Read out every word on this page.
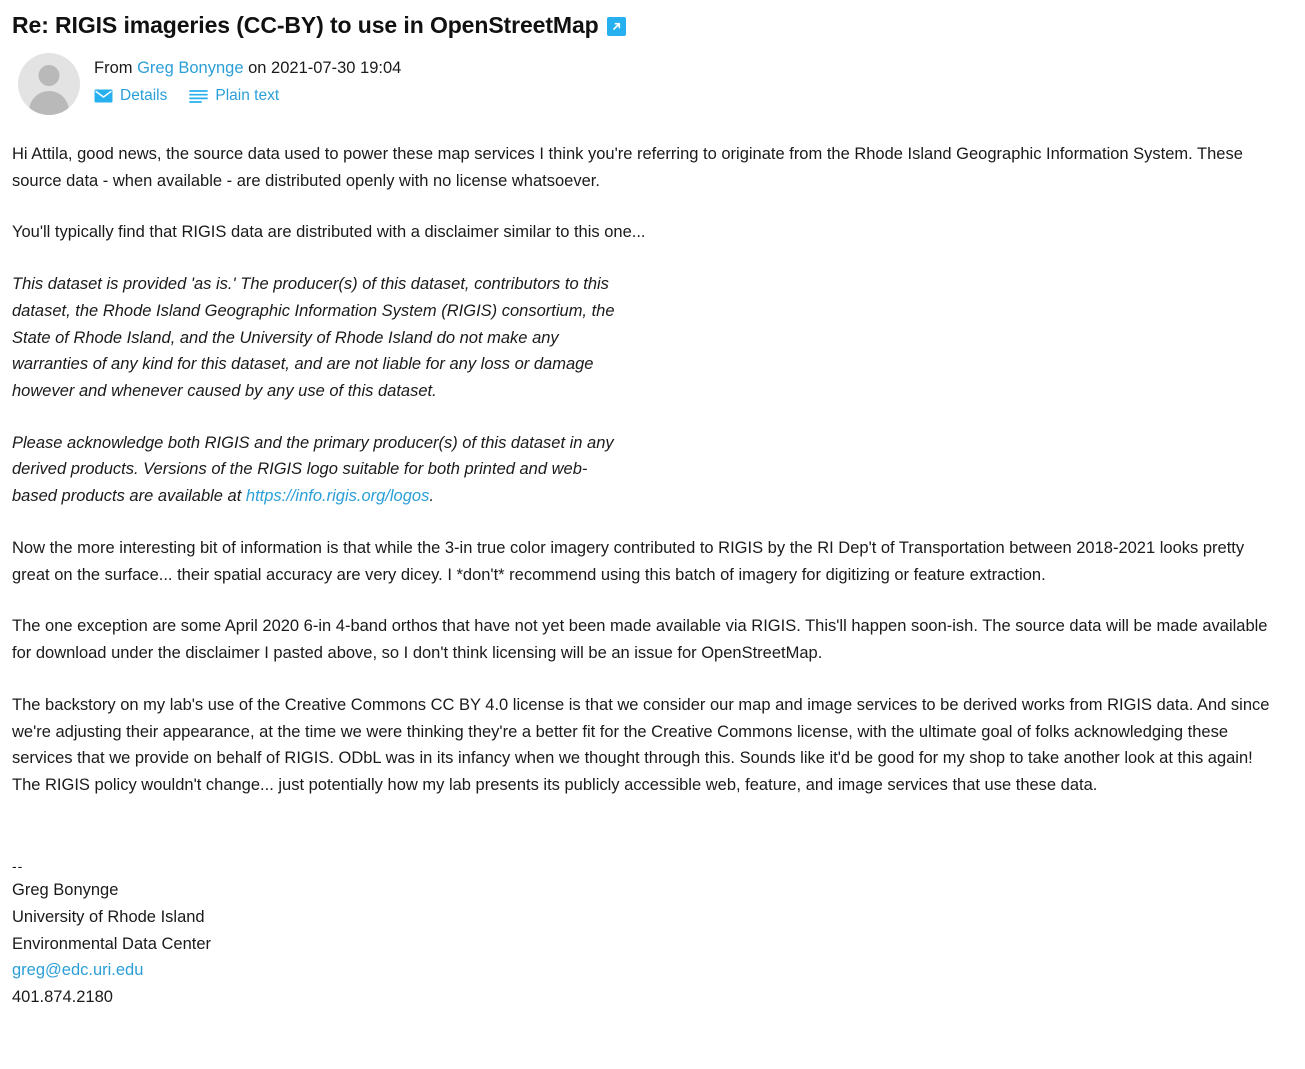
Re: RIGIS imageries (CC-BY) to use in OpenStreetMap
From Greg Bonynge on 2021-07-30 19:04
Details	Plain text

Hi Attila, good news, the source data used to power these map services I think you're referring to originate from the Rhode Island Geographic Information System. These source data - when available - are distributed openly with no license whatsoever.

You'll typically find that RIGIS data are distributed with a disclaimer similar to this one...

This dataset is provided 'as is.' The producer(s) of this dataset, contributors to this dataset, the Rhode Island Geographic Information System (RIGIS) consortium, the State of Rhode Island, and the University of Rhode Island do not make any warranties of any kind for this dataset, and are not liable for any loss or damage however and whenever caused by any use of this dataset.
Please acknowledge both RIGIS and the primary producer(s) of this dataset in any derived products. Versions of the RIGIS logo suitable for both printed and web-based products are available at https://info.rigis.org/logos.

Now the more interesting bit of information is that while the 3-in true color imagery contributed to RIGIS by the RI Dep't of Transportation between 2018-2021 looks pretty great on the surface... their spatial accuracy are very dicey. I *don't* recommend using this batch of imagery for digitizing or feature extraction.

The one exception are some April 2020 6-in 4-band orthos that have not yet been made available via RIGIS. This'll happen soon-ish. The source data will be made available for download under the disclaimer I pasted above, so I don't think licensing will be an issue for OpenStreetMap.

The backstory on my lab's use of the Creative Commons CC BY 4.0 license is that we consider our map and image services to be derived works from RIGIS data. And since we're adjusting their appearance, at the time we were thinking they're a better fit for the Creative Commons license, with the ultimate goal of folks acknowledging these services that we provide on behalf of RIGIS. ODbL was in its infancy when we thought through this. Sounds like it'd be good for my shop to take another look at this again! The RIGIS policy wouldn't change... just potentially how my lab presents its publicly accessible web, feature, and image services that use these data.

--
Greg Bonynge
University of Rhode Island
Environmental Data Center
greg@edc.uri.edu
401.874.2180
